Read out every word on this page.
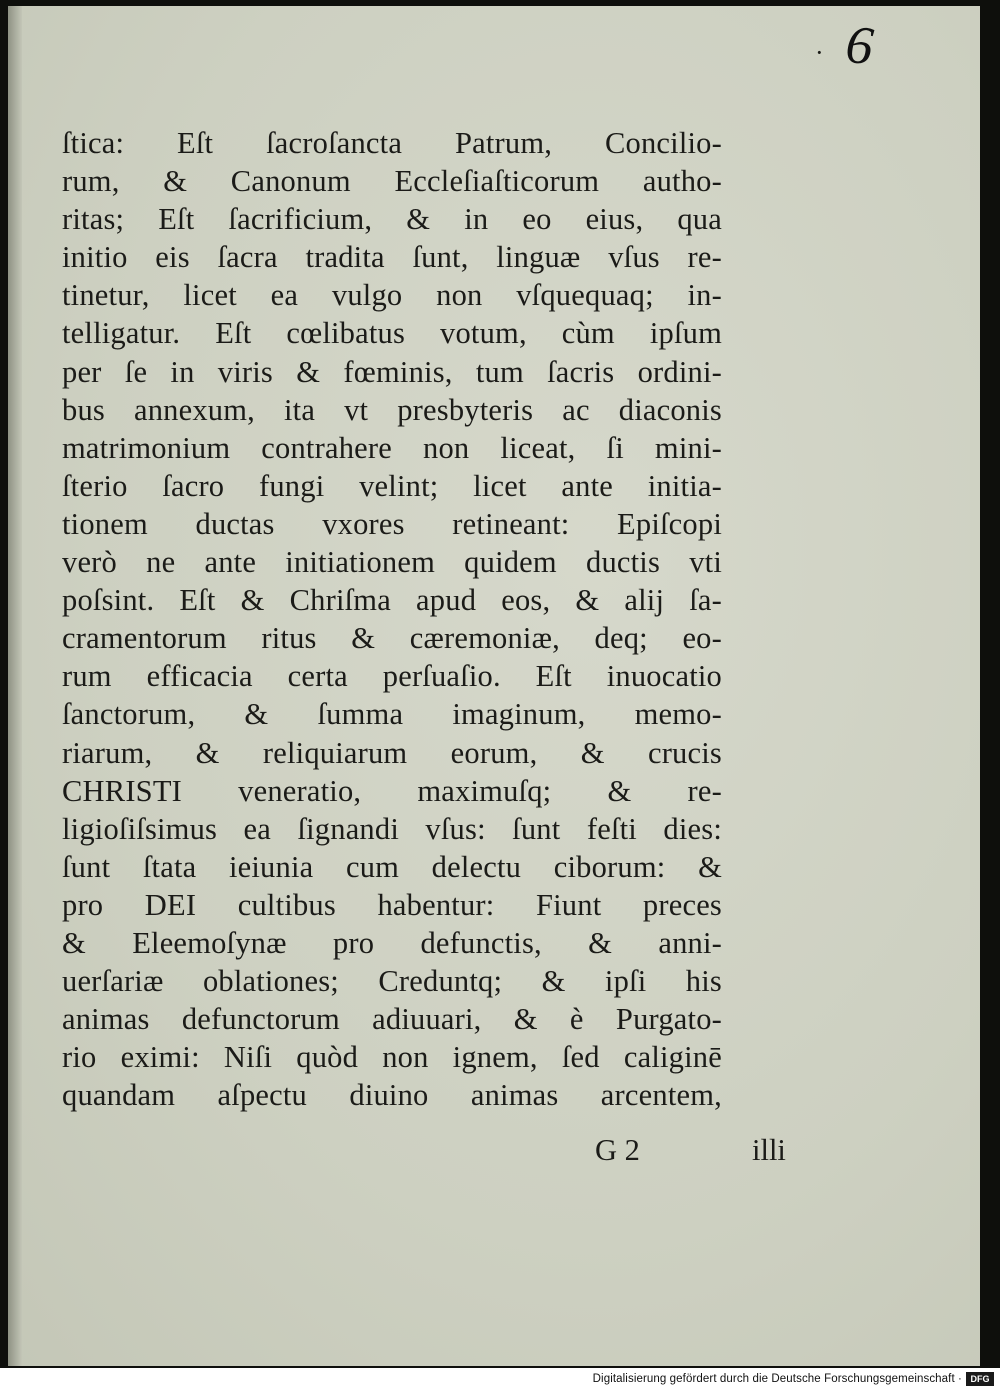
· 6
ſtica: Eſt ſacroſancta Patrum, Concilio-
rum, & Canonum Eccleſiaſticorum autho-
ritas; Eſt ſacrificium, & in eo eius, qua
initio eis ſacra tradita ſunt, linguæ vſus re-
tinetur, licet ea vulgo non vſquequaq; in-
telligatur. Eſt cœlibatus votum, cùm ipſum
per ſe in viris & fœminis, tum ſacris ordini-
bus annexum, ita vt presbyteris ac diaconis
matrimonium contrahere non liceat, ſi mini-
ſterio ſacro fungi velint; licet ante initia-
tionem ductas vxores retineant: Epiſcopi
verò ne ante initiationem quidem ductis vti
poſsint. Eſt & Chriſma apud eos, & alij ſa-
cramentorum ritus & cæremoniæ, deq; eo-
rum efficacia certa perſuaſio. Eſt inuocatio
ſanctorum, & ſumma imaginum, memo-
riarum, & reliquiarum eorum, & crucis
CHRISTI veneratio, maximuſq; & re-
ligioſiſsimus ea ſignandi vſus: ſunt feſti dies:
ſunt ſtata ieiunia cum delectu ciborum: &
pro DEI cultibus habentur: Fiunt preces
& Eleemoſynæ pro defunctis, & anni-
uerſariæ oblationes; Creduntq; & ipſi his
animas defunctorum adiuuari, & è Purgato-
rio eximi: Niſi quòd non ignem, ſed caliginē
quandam aſpectu diuino animas arcentem,
G 2	illi
Digitalisierung gefördert durch die Deutsche Forschungsgemeinschaft · DFG
